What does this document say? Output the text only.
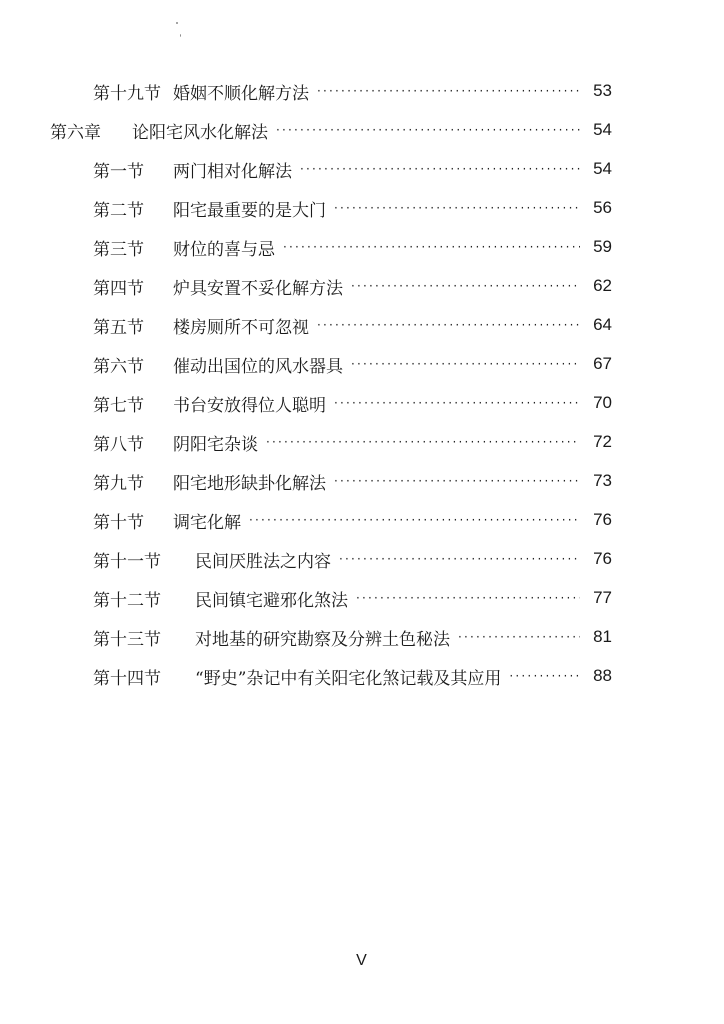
第十九节 婚姻不顺化解方法 ·····	53
第六章	论阳宅风水化解法 ·····	54
第一节	两门相对化解法 ·····	54
第二节	阳宅最重要的是大门 ·····	56
第三节	财位的喜与忌 ·····	59
第四节	炉具安置不妥化解方法 ·····	62
第五节	楼房厕所不可忽视 ·····	64
第六节	催动出国位的风水器具 ·····	67
第七节	书台安放得位人聪明 ·····	70
第八节	阴阳宅杂谈 ·····	72
第九节	阳宅地形缺卦化解法 ·····	73
第十节	调宅化解 ·····	76
第十一节	民间厌胜法之内容 ·····	76
第十二节	民间镇宅避邪化煞法 ·····	77
第十三节	对地基的研究勘察及分辨土色秘法 ·····	81
第十四节	“野史”杂记中有关阳宅化煞记载及其应用 ·····	88
V
